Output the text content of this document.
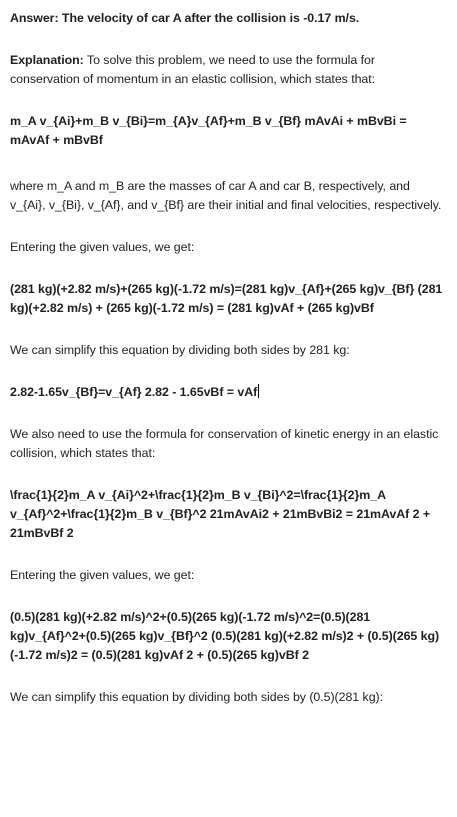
Answer: The velocity of car A after the collision is -0.17 m/s.

Explanation: To solve this problem, we need to use the formula for conservation of momentum in an elastic collision, which states that:

m_A v_{Ai}+m_B v_{Bi}=m_{A}v_{Af}+m_B v_{Bf} mAvAi + mBvBi = mAvAf + mBvBf

where m_A and m_B are the masses of car A and car B, respectively, and v_{Ai}, v_{Bi}, v_{Af}, and v_{Bf} are their initial and final velocities, respectively.

Entering the given values, we get:

(281 kg)(+2.82 m/s)+(265 kg)(-1.72 m/s)=(281 kg)v_{Af}+(265 kg)v_{Bf} (281 kg)(+2.82 m/s) + (265 kg)(-1.72 m/s) = (281 kg)vAf + (265 kg)vBf

We can simplify this equation by dividing both sides by 281 kg:

2.82-1.65v_{Bf}=v_{Af} 2.82 - 1.65vBf = vAf

We also need to use the formula for conservation of kinetic energy in an elastic collision, which states that:

\frac{1}{2}m_A v_{Ai}^2+\frac{1}{2}m_B v_{Bi}^2=\frac{1}{2}m_A v_{Af}^2+\frac{1}{2}m_B v_{Bf}^2 21mAvAi2 + 21mBvBi2 = 21mAvAf 2 + 21mBvBf 2

Entering the given values, we get:

(0.5)(281 kg)(+2.82 m/s)^2+(0.5)(265 kg)(-1.72 m/s)^2=(0.5)(281 kg)v_{Af}^2+(0.5)(265 kg)v_{Bf}^2 (0.5)(281 kg)(+2.82 m/s)2 + (0.5)(265 kg)(-1.72 m/s)2 = (0.5)(281 kg)vAf 2 + (0.5)(265 kg)vBf 2

We can simplify this equation by dividing both sides by (0.5)(281 kg):
